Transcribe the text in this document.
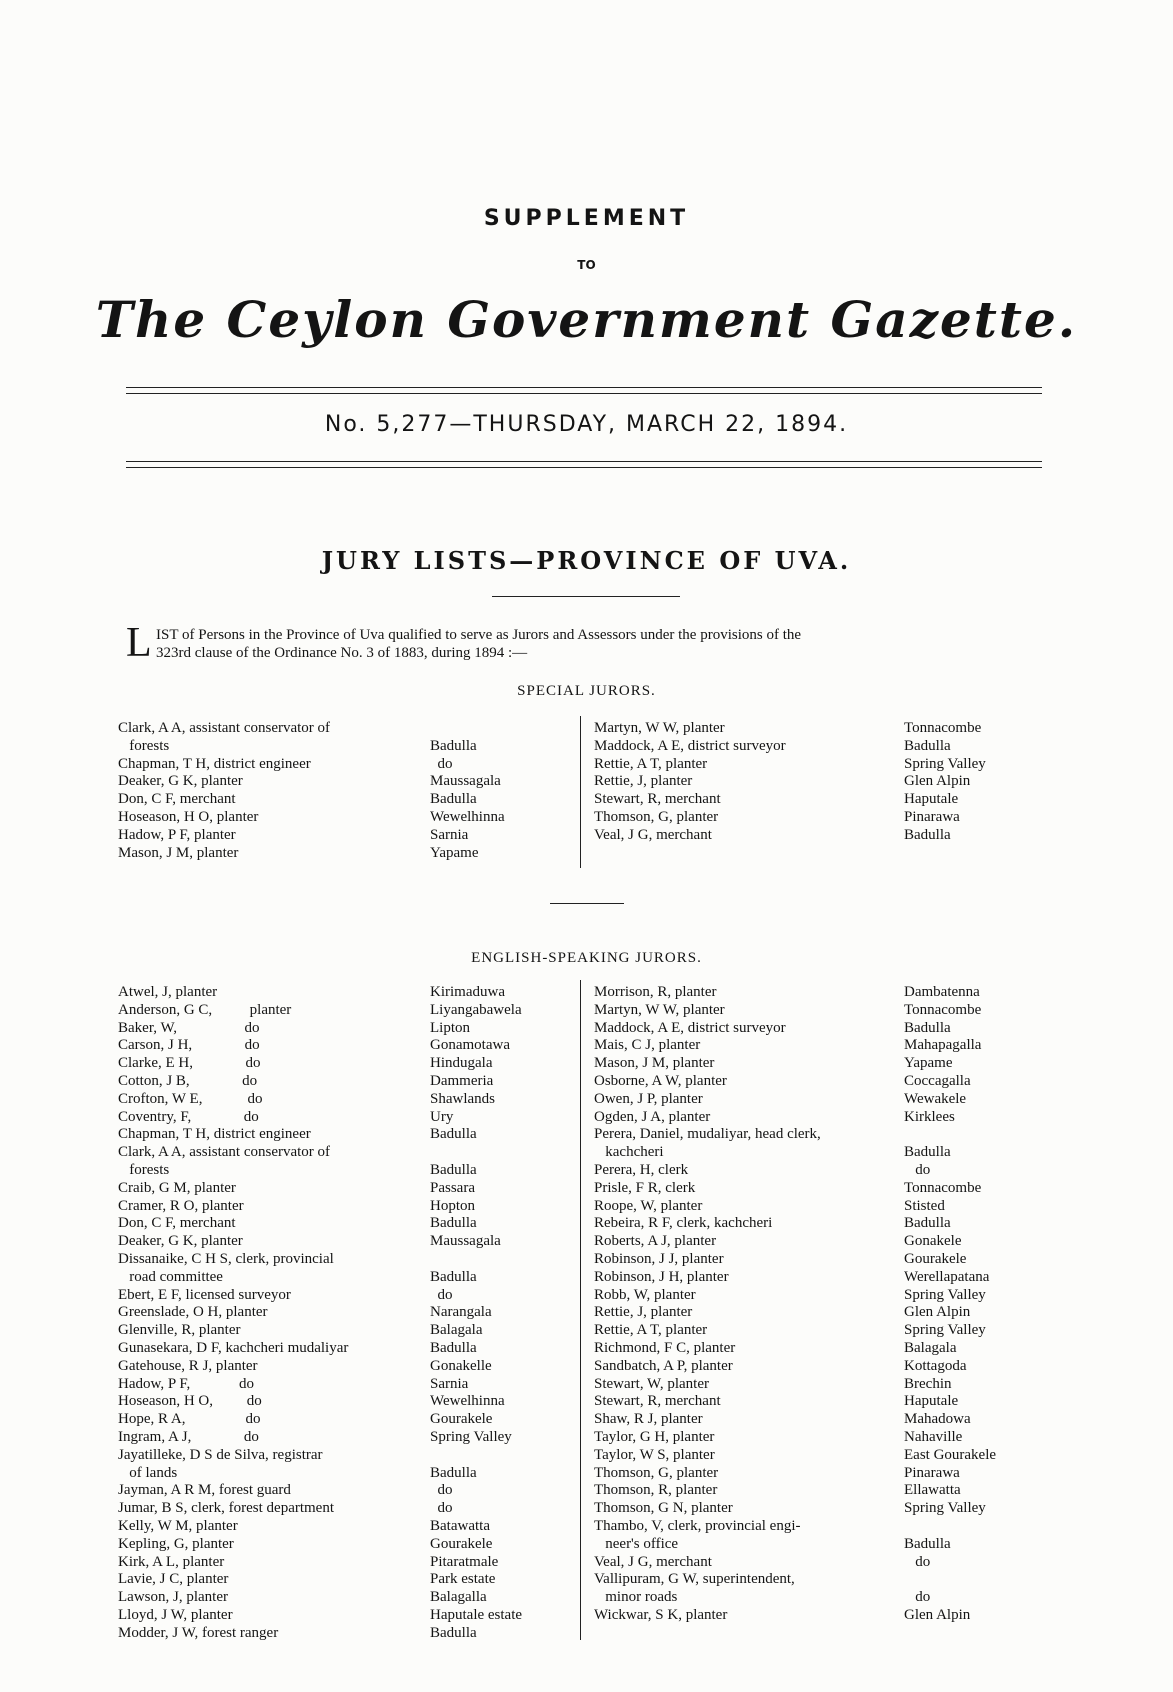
SUPPLEMENT
TO
The Ceylon Government Gazette.
No. 5,277—THURSDAY, MARCH 22, 1894.
JURY LISTS—PROVINCE OF UVA.
L IST of Persons in the Province of Uva qualified to serve as Jurors and Assessors under the provisions of the
323rd clause of the Ordinance No. 3 of 1883, during 1894 :—
SPECIAL JURORS.
Clark, A A, assistant conservator of
forests	Badulla
Chapman, T H, district engineer	do
Deaker, G K, planter	Maussagala
Don, C F, merchant	Badulla
Hoseason, H O, planter	Wewelhinna
Hadow, P F, planter	Sarnia
Mason, J M, planter	Yapame
Martyn, W W, planter	Tonnacombe
Maddock, A E, district surveyor	Badulla
Rettie, A T, planter	Spring Valley
Rettie, J, planter	Glen Alpin
Stewart, R, merchant	Haputale
Thomson, G, planter	Pinarawa
Veal, J G, merchant	Badulla
ENGLISH-SPEAKING JURORS.
Atwel, J, planter	Kirimaduwa
Anderson, G C,          planter	Liyangabawela
Baker, W,                  do	Lipton
Carson, J H,              do	Gonamotawa
Clarke, E H,              do	Hindugala
Cotton, J B,              do	Dammeria
Crofton, W E,            do	Shawlands
Coventry, F,              do	Ury
Chapman, T H, district engineer	Badulla
Clark, A A, assistant conservator of
forests	Badulla
Craib, G M, planter	Passara
Cramer, R O, planter	Hopton
Don, C F, merchant	Badulla
Deaker, G K, planter	Maussagala
Dissanaike, C H S, clerk, provincial
road committee	Badulla
Ebert, E F, licensed surveyor	do
Greenslade, O H, planter	Narangala
Glenville, R, planter	Balagala
Gunasekara, D F, kachcheri mudaliyar	Badulla
Gatehouse, R J, planter	Gonakelle
Hadow, P F,             do	Sarnia
Hoseason, H O,         do	Wewelhinna
Hope, R A,                do	Gourakele
Ingram, A J,              do	Spring Valley
Jayatilleke, D S de Silva, registrar
of lands	Badulla
Jayman, A R M, forest guard	do
Jumar, B S, clerk, forest department	do
Kelly, W M, planter	Batawatta
Kepling, G, planter	Gourakele
Kirk, A L, planter	Pitaratmale
Lavie, J C, planter	Park estate
Lawson, J, planter	Balagalla
Lloyd, J W, planter	Haputale estate
Modder, J W, forest ranger	Badulla
Morrison, R, planter	Dambatenna
Martyn, W W, planter	Tonnacombe
Maddock, A E, district surveyor	Badulla
Mais, C J, planter	Mahapagalla
Mason, J M, planter	Yapame
Osborne, A W, planter	Coccagalla
Owen, J P, planter	Wewakele
Ogden, J A, planter	Kirklees
Perera, Daniel, mudaliyar, head clerk,
kachcheri	Badulla
Perera, H, clerk	do
Prisle, F R, clerk	Tonnacombe
Roope, W, planter	Stisted
Rebeira, R F, clerk, kachcheri	Badulla
Roberts, A J, planter	Gonakele
Robinson, J J, planter	Gourakele
Robinson, J H, planter	Werellapatana
Robb, W, planter	Spring Valley
Rettie, J, planter	Glen Alpin
Rettie, A T, planter	Spring Valley
Richmond, F C, planter	Balagala
Sandbatch, A P, planter	Kottagoda
Stewart, W, planter	Brechin
Stewart, R, merchant	Haputale
Shaw, R J, planter	Mahadowa
Taylor, G H, planter	Nahaville
Taylor, W S, planter	East Gourakele
Thomson, G, planter	Pinarawa
Thomson, R, planter	Ellawatta
Thomson, G N, planter	Spring Valley
Thambo, V, clerk, provincial engi-
neer's office	Badulla
Veal, J G, merchant	do
Vallipuram, G W, superintendent,
minor roads	do
Wickwar, S K, planter	Glen Alpin
